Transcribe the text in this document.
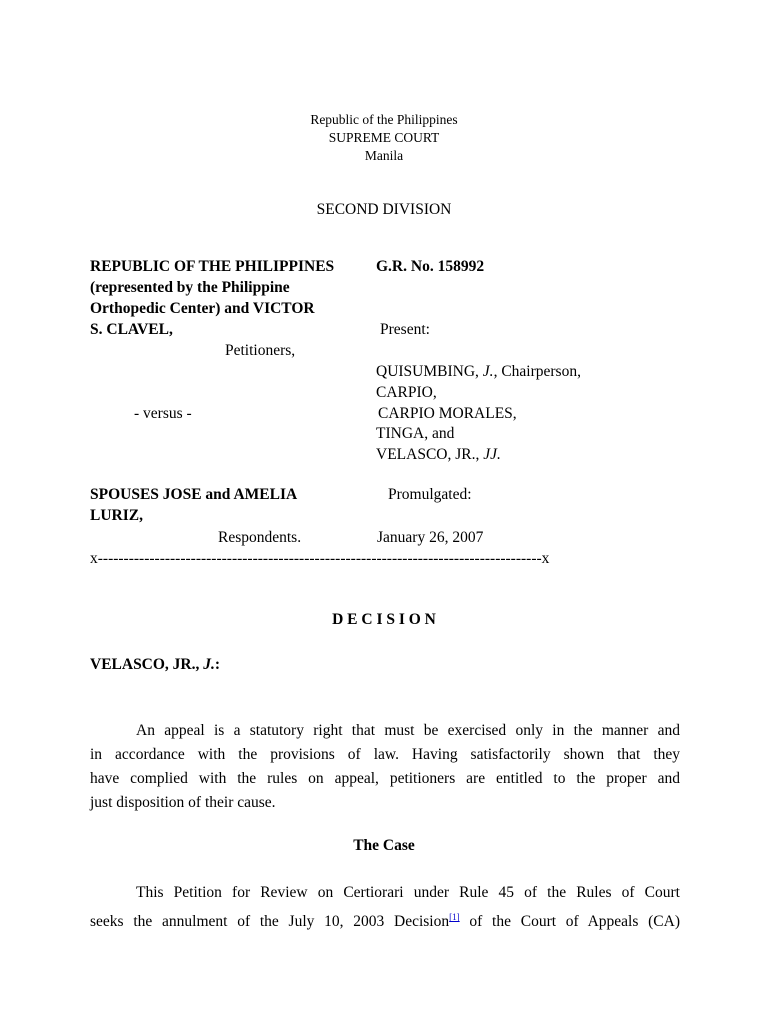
Republic of the Philippines
SUPREME COURT
Manila
SECOND DIVISION
REPUBLIC OF THE PHILIPPINES
(represented by the Philippine
Orthopedic Center) and VICTOR
S. CLAVEL,
Petitioners,
- versus -
SPOUSES JOSE and AMELIA
LURIZ,
Respondents.
G.R. No. 158992
Present:
QUISUMBING, J., Chairperson,
CARPIO,
CARPIO MORALES,
TINGA, and
VELASCO, JR., JJ.
Promulgated:
January 26, 2007
x--------------------------------------------------------------------------------------x
D E C I S I O N
VELASCO, JR., J.:
An appeal is a statutory right that must be exercised only in the manner and
in accordance with the provisions of law. Having satisfactorily shown that they
have complied with the rules on appeal, petitioners are entitled to the proper and
just disposition of their cause.
The Case
This Petition for Review on Certiorari under Rule 45 of the Rules of Court
seeks the annulment of the July 10, 2003 Decision[1] of the Court of Appeals (CA)
